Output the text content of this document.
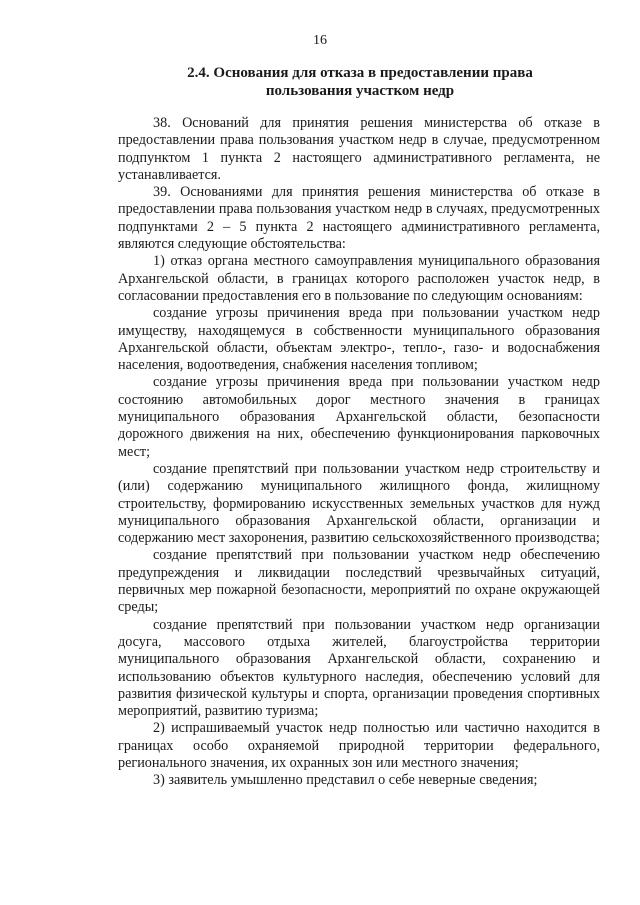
16
2.4. Основания для отказа в предоставлении права
пользования участком недр

38. Оснований для принятия решения министерства об отказе в предоставлении права пользования участком недр в случае, предусмотренном подпунктом 1 пункта 2 настоящего административного регламента, не устанавливается.

39. Основаниями для принятия решения министерства об отказе в предоставлении права пользования участком недр в случаях, предусмотренных подпунктами 2 – 5 пункта 2 настоящего административного регламента, являются следующие обстоятельства:

1) отказ органа местного самоуправления муниципального образования Архангельской области, в границах которого расположен участок недр, в согласовании предоставления его в пользование по следующим основаниям:

создание угрозы причинения вреда при пользовании участком недр имуществу, находящемуся в собственности муниципального образования Архангельской области, объектам электро-, тепло-, газо- и водоснабжения населения, водоотведения, снабжения населения топливом;

создание угрозы причинения вреда при пользовании участком недр состоянию автомобильных дорог местного значения в границах муниципального образования Архангельской области, безопасности дорожного движения на них, обеспечению функционирования парковочных мест;

создание препятствий при пользовании участком недр строительству и (или) содержанию муниципального жилищного фонда, жилищному строительству, формированию искусственных земельных участков для нужд муниципального образования Архангельской области, организации и содержанию мест захоронения, развитию сельскохозяйственного производства;

создание препятствий при пользовании участком недр обеспечению предупреждения и ликвидации последствий чрезвычайных ситуаций, первичных мер пожарной безопасности, мероприятий по охране окружающей среды;

создание препятствий при пользовании участком недр организации досуга, массового отдыха жителей, благоустройства территории муниципального образования Архангельской области, сохранению и использованию объектов культурного наследия, обеспечению условий для развития физической культуры и спорта, организации проведения спортивных мероприятий, развитию туризма;

2) испрашиваемый участок недр полностью или частично находится в границах особо охраняемой природной территории федерального, регионального значения, их охранных зон или местного значения;

3) заявитель умышленно представил о себе неверные сведения;
